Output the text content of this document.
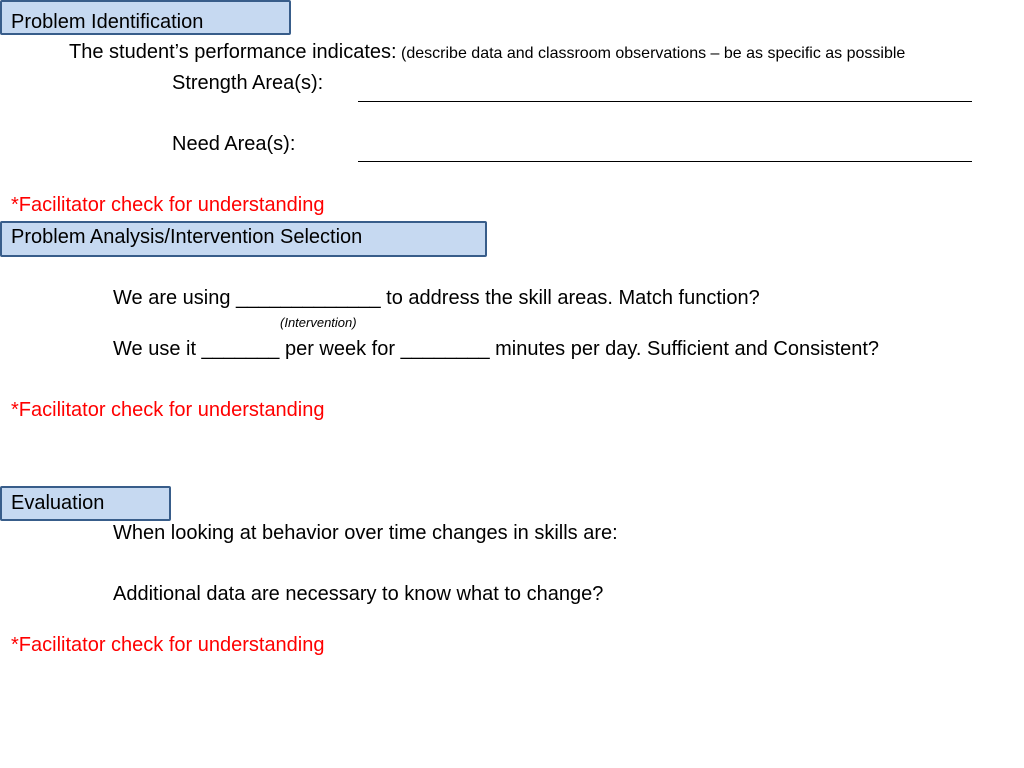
Problem Identification
The student’s performance indicates: (describe data and classroom observations – be as specific as possible
Strength Area(s):
Need Area(s):
*Facilitator check for understanding
Problem Analysis/Intervention Selection
We are using _____________ to address the skill areas. Match function?
(Intervention)
We use it _______ per week for ________ minutes per day. Sufficient and Consistent?
*Facilitator check for understanding
Evaluation
When looking at behavior over time changes in skills are:
Additional data are necessary to know what to change?
*Facilitator check for understanding
